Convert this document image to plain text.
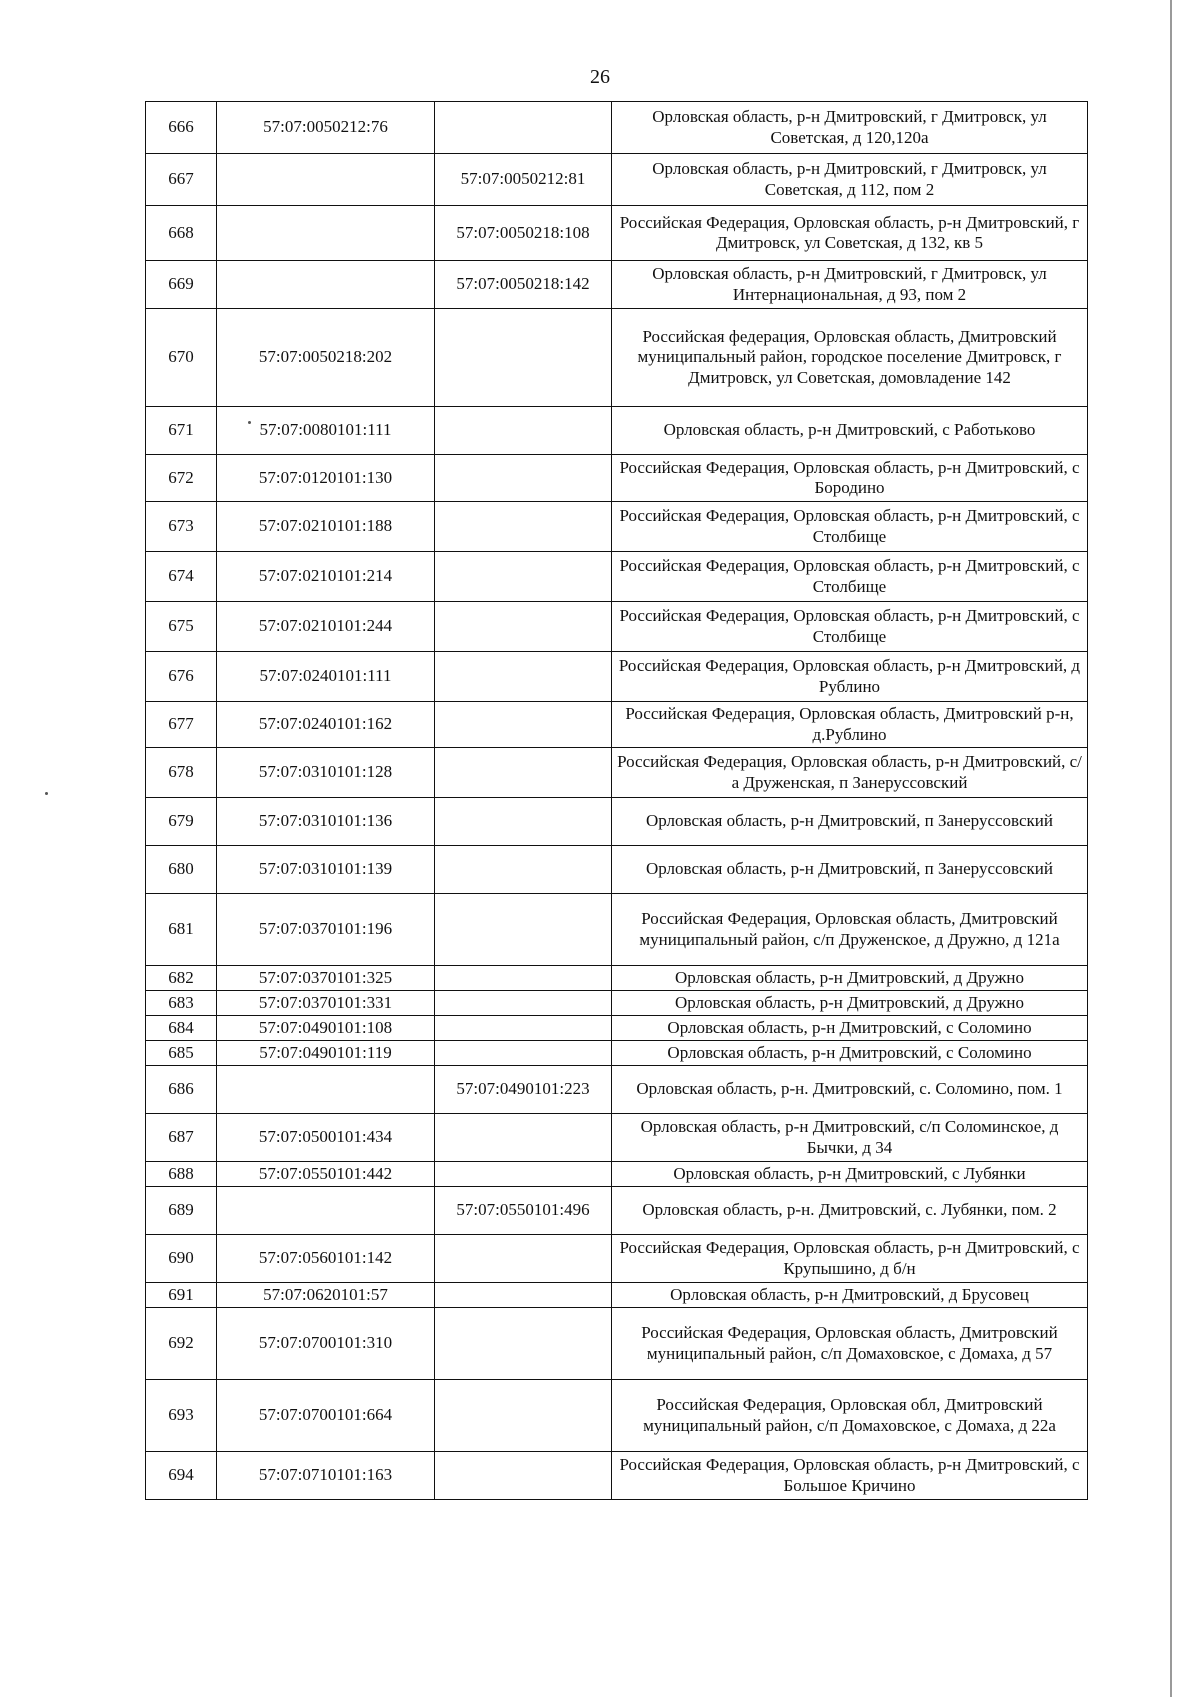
26
666	57:07:0050212:76		Орловская область, р-н Дмитровский, г Дмитровск, ул Советская, д 120,120а
667		57:07:0050212:81	Орловская область, р-н Дмитровский, г Дмитровск, ул Советская, д 112, пом 2
668		57:07:0050218:108	Российская Федерация, Орловская область, р-н Дмитровский, г Дмитровск, ул Советская, д 132, кв 5
669		57:07:0050218:142	Орловская область, р-н Дмитровский, г Дмитровск, ул Интернациональная, д 93, пом 2
670	57:07:0050218:202		Российская федерация, Орловская область, Дмитровский муниципальный район, городское поселение Дмитровск, г Дмитровск, ул Советская, домовладение 142
671	57:07:0080101:111		Орловская область, р-н Дмитровский, с Работьково
672	57:07:0120101:130		Российская Федерация, Орловская область, р-н Дмитровский, с Бородино
673	57:07:0210101:188		Российская Федерация, Орловская область, р-н Дмитровский, с Столбище
674	57:07:0210101:214		Российская Федерация, Орловская область, р-н Дмитровский, с Столбище
675	57:07:0210101:244		Российская Федерация, Орловская область, р-н Дмитровский, с Столбище
676	57:07:0240101:111		Российская Федерация, Орловская область, р-н Дмитровский, д Рублино
677	57:07:0240101:162		Российская Федерация, Орловская область, Дмитровский р-н, д.Рублино
678	57:07:0310101:128		Российская Федерация, Орловская область, р-н Дмитровский, с/а Друженская, п Занеруссовский
679	57:07:0310101:136		Орловская область, р-н Дмитровский, п Занеруссовский
680	57:07:0310101:139		Орловская область, р-н Дмитровский, п Занеруссовский
681	57:07:0370101:196		Российская Федерация, Орловская область, Дмитровский муниципальный район, с/п Друженское, д Дружно, д 121а
682	57:07:0370101:325		Орловская область, р-н Дмитровский, д Дружно
683	57:07:0370101:331		Орловская область, р-н Дмитровский, д Дружно
684	57:07:0490101:108		Орловская область, р-н Дмитровский, с Соломино
685	57:07:0490101:119		Орловская область, р-н Дмитровский, с Соломино
686		57:07:0490101:223	Орловская область, р-н. Дмитровский, с. Соломино, пом. 1
687	57:07:0500101:434		Орловская область, р-н Дмитровский, с/п Соломинское, д Бычки, д 34
688	57:07:0550101:442		Орловская область, р-н Дмитровский, с Лубянки
689		57:07:0550101:496	Орловская область, р-н. Дмитровский, с. Лубянки, пом. 2
690	57:07:0560101:142		Российская Федерация, Орловская область, р-н Дмитровский, с Крупышино, д б/н
691	57:07:0620101:57		Орловская область, р-н Дмитровский, д Брусовец
692	57:07:0700101:310		Российская Федерация, Орловская область, Дмитровский муниципальный район, с/п Домаховское, с Домаха, д 57
693	57:07:0700101:664		Российская Федерация, Орловская обл, Дмитровский муниципальный район, с/п Домаховское, с Домаха, д 22а
694	57:07:0710101:163		Российская Федерация, Орловская область, р-н Дмитровский, с Большое Кричино
